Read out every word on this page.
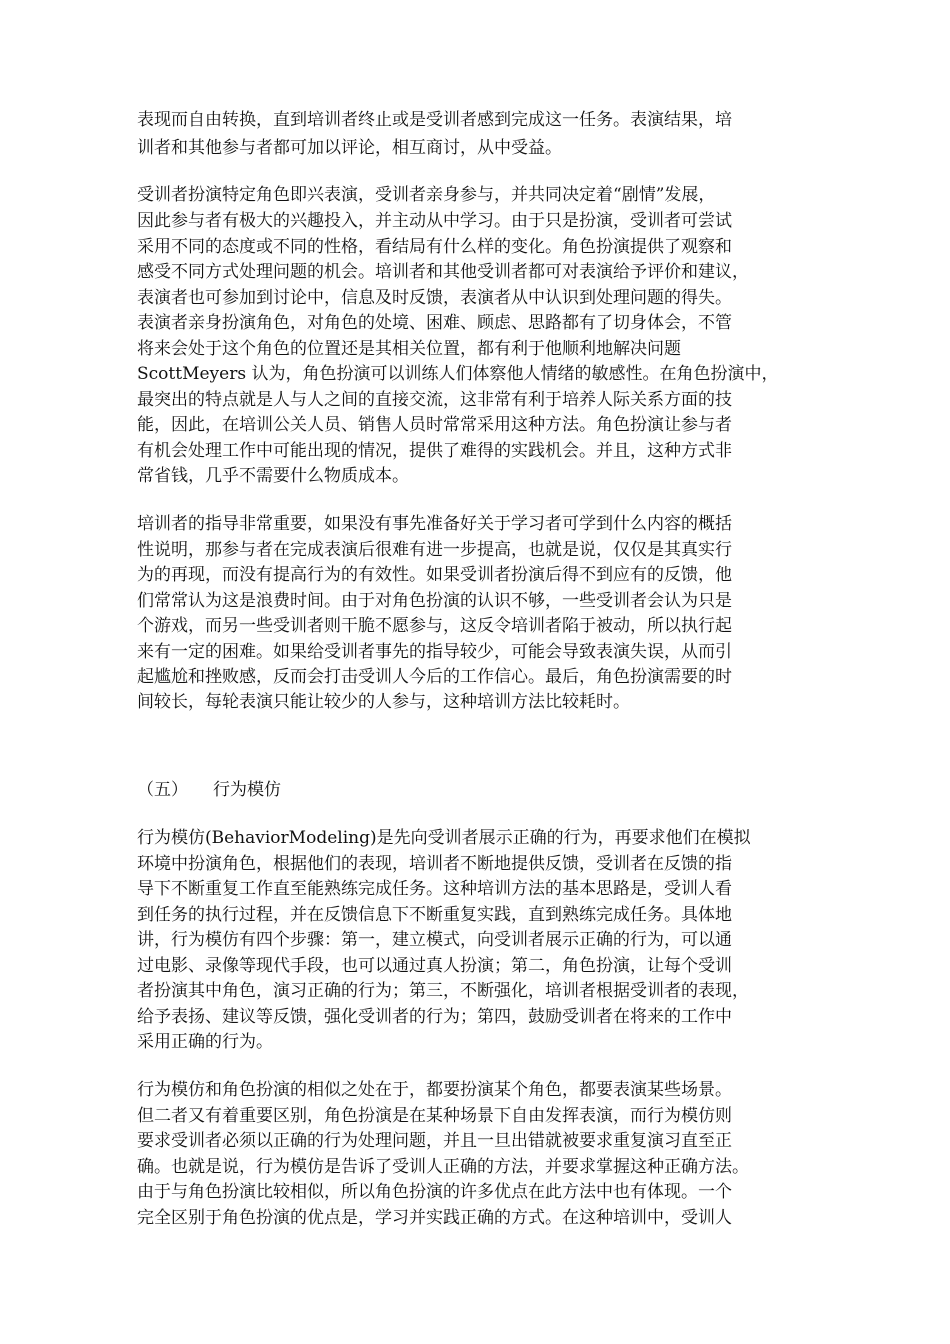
表现而自由转换，直到培训者终止或是受训者感到完成这一任务。表演结果，培
训者和其他参与者都可加以评论，相互商讨，从中受益。
受训者扮演特定角色即兴表演，受训者亲身参与，并共同决定着“剧情”发展，
因此参与者有极大的兴趣投入，并主动从中学习。由于只是扮演，受训者可尝试
采用不同的态度或不同的性格，看结局有什么样的变化。角色扮演提供了观察和
感受不同方式处理问题的机会。培训者和其他受训者都可对表演给予评价和建议，
表演者也可参加到讨论中，信息及时反馈，表演者从中认识到处理问题的得失。
表演者亲身扮演角色，对角色的处境、困难、顾虑、思路都有了切身体会，不管
将来会处于这个角色的位置还是其相关位置，都有利于他顺利地解决问题
ScottMeyers 认为，角色扮演可以训练人们体察他人情绪的敏感性。在角色扮演中，
最突出的特点就是人与人之间的直接交流，这非常有利于培养人际关系方面的技
能，因此，在培训公关人员、销售人员时常常采用这种方法。角色扮演让参与者
有机会处理工作中可能出现的情况，提供了难得的实践机会。并且，这种方式非
常省钱，几乎不需要什么物质成本。
培训者的指导非常重要，如果没有事先准备好关于学习者可学到什么内容的概括
性说明，那参与者在完成表演后很难有进一步提高，也就是说，仅仅是其真实行
为的再现，而没有提高行为的有效性。如果受训者扮演后得不到应有的反馈，他
们常常认为这是浪费时间。由于对角色扮演的认识不够，一些受训者会认为只是
个游戏，而另一些受训者则干脆不愿参与，这反令培训者陷于被动，所以执行起
来有一定的困难。如果给受训者事先的指导较少，可能会导致表演失误，从而引
起尴尬和挫败感，反而会打击受训人今后的工作信心。最后，角色扮演需要的时
间较长，每轮表演只能让较少的人参与，这种培训方法比较耗时。
（五） 行为模仿
行为模仿(BehaviorModeling)是先向受训者展示正确的行为，再要求他们在模拟
环境中扮演角色，根据他们的表现，培训者不断地提供反馈，受训者在反馈的指
导下不断重复工作直至能熟练完成任务。这种培训方法的基本思路是，受训人看
到任务的执行过程，并在反馈信息下不断重复实践，直到熟练完成任务。具体地
讲，行为模仿有四个步骤：第一，建立模式，向受训者展示正确的行为，可以通
过电影、录像等现代手段，也可以通过真人扮演；第二，角色扮演，让每个受训
者扮演其中角色，演习正确的行为；第三，不断强化，培训者根据受训者的表现，
给予表扬、建议等反馈，强化受训者的行为；第四，鼓励受训者在将来的工作中
采用正确的行为。
行为模仿和角色扮演的相似之处在于，都要扮演某个角色，都要表演某些场景。
但二者又有着重要区别，角色扮演是在某种场景下自由发挥表演，而行为模仿则
要求受训者必须以正确的行为处理问题，并且一旦出错就被要求重复演习直至正
确。也就是说，行为模仿是告诉了受训人正确的方法，并要求掌握这种正确方法。
由于与角色扮演比较相似，所以角色扮演的许多优点在此方法中也有体现。一个
完全区别于角色扮演的优点是，学习并实践正确的方式。在这种培训中，受训人
